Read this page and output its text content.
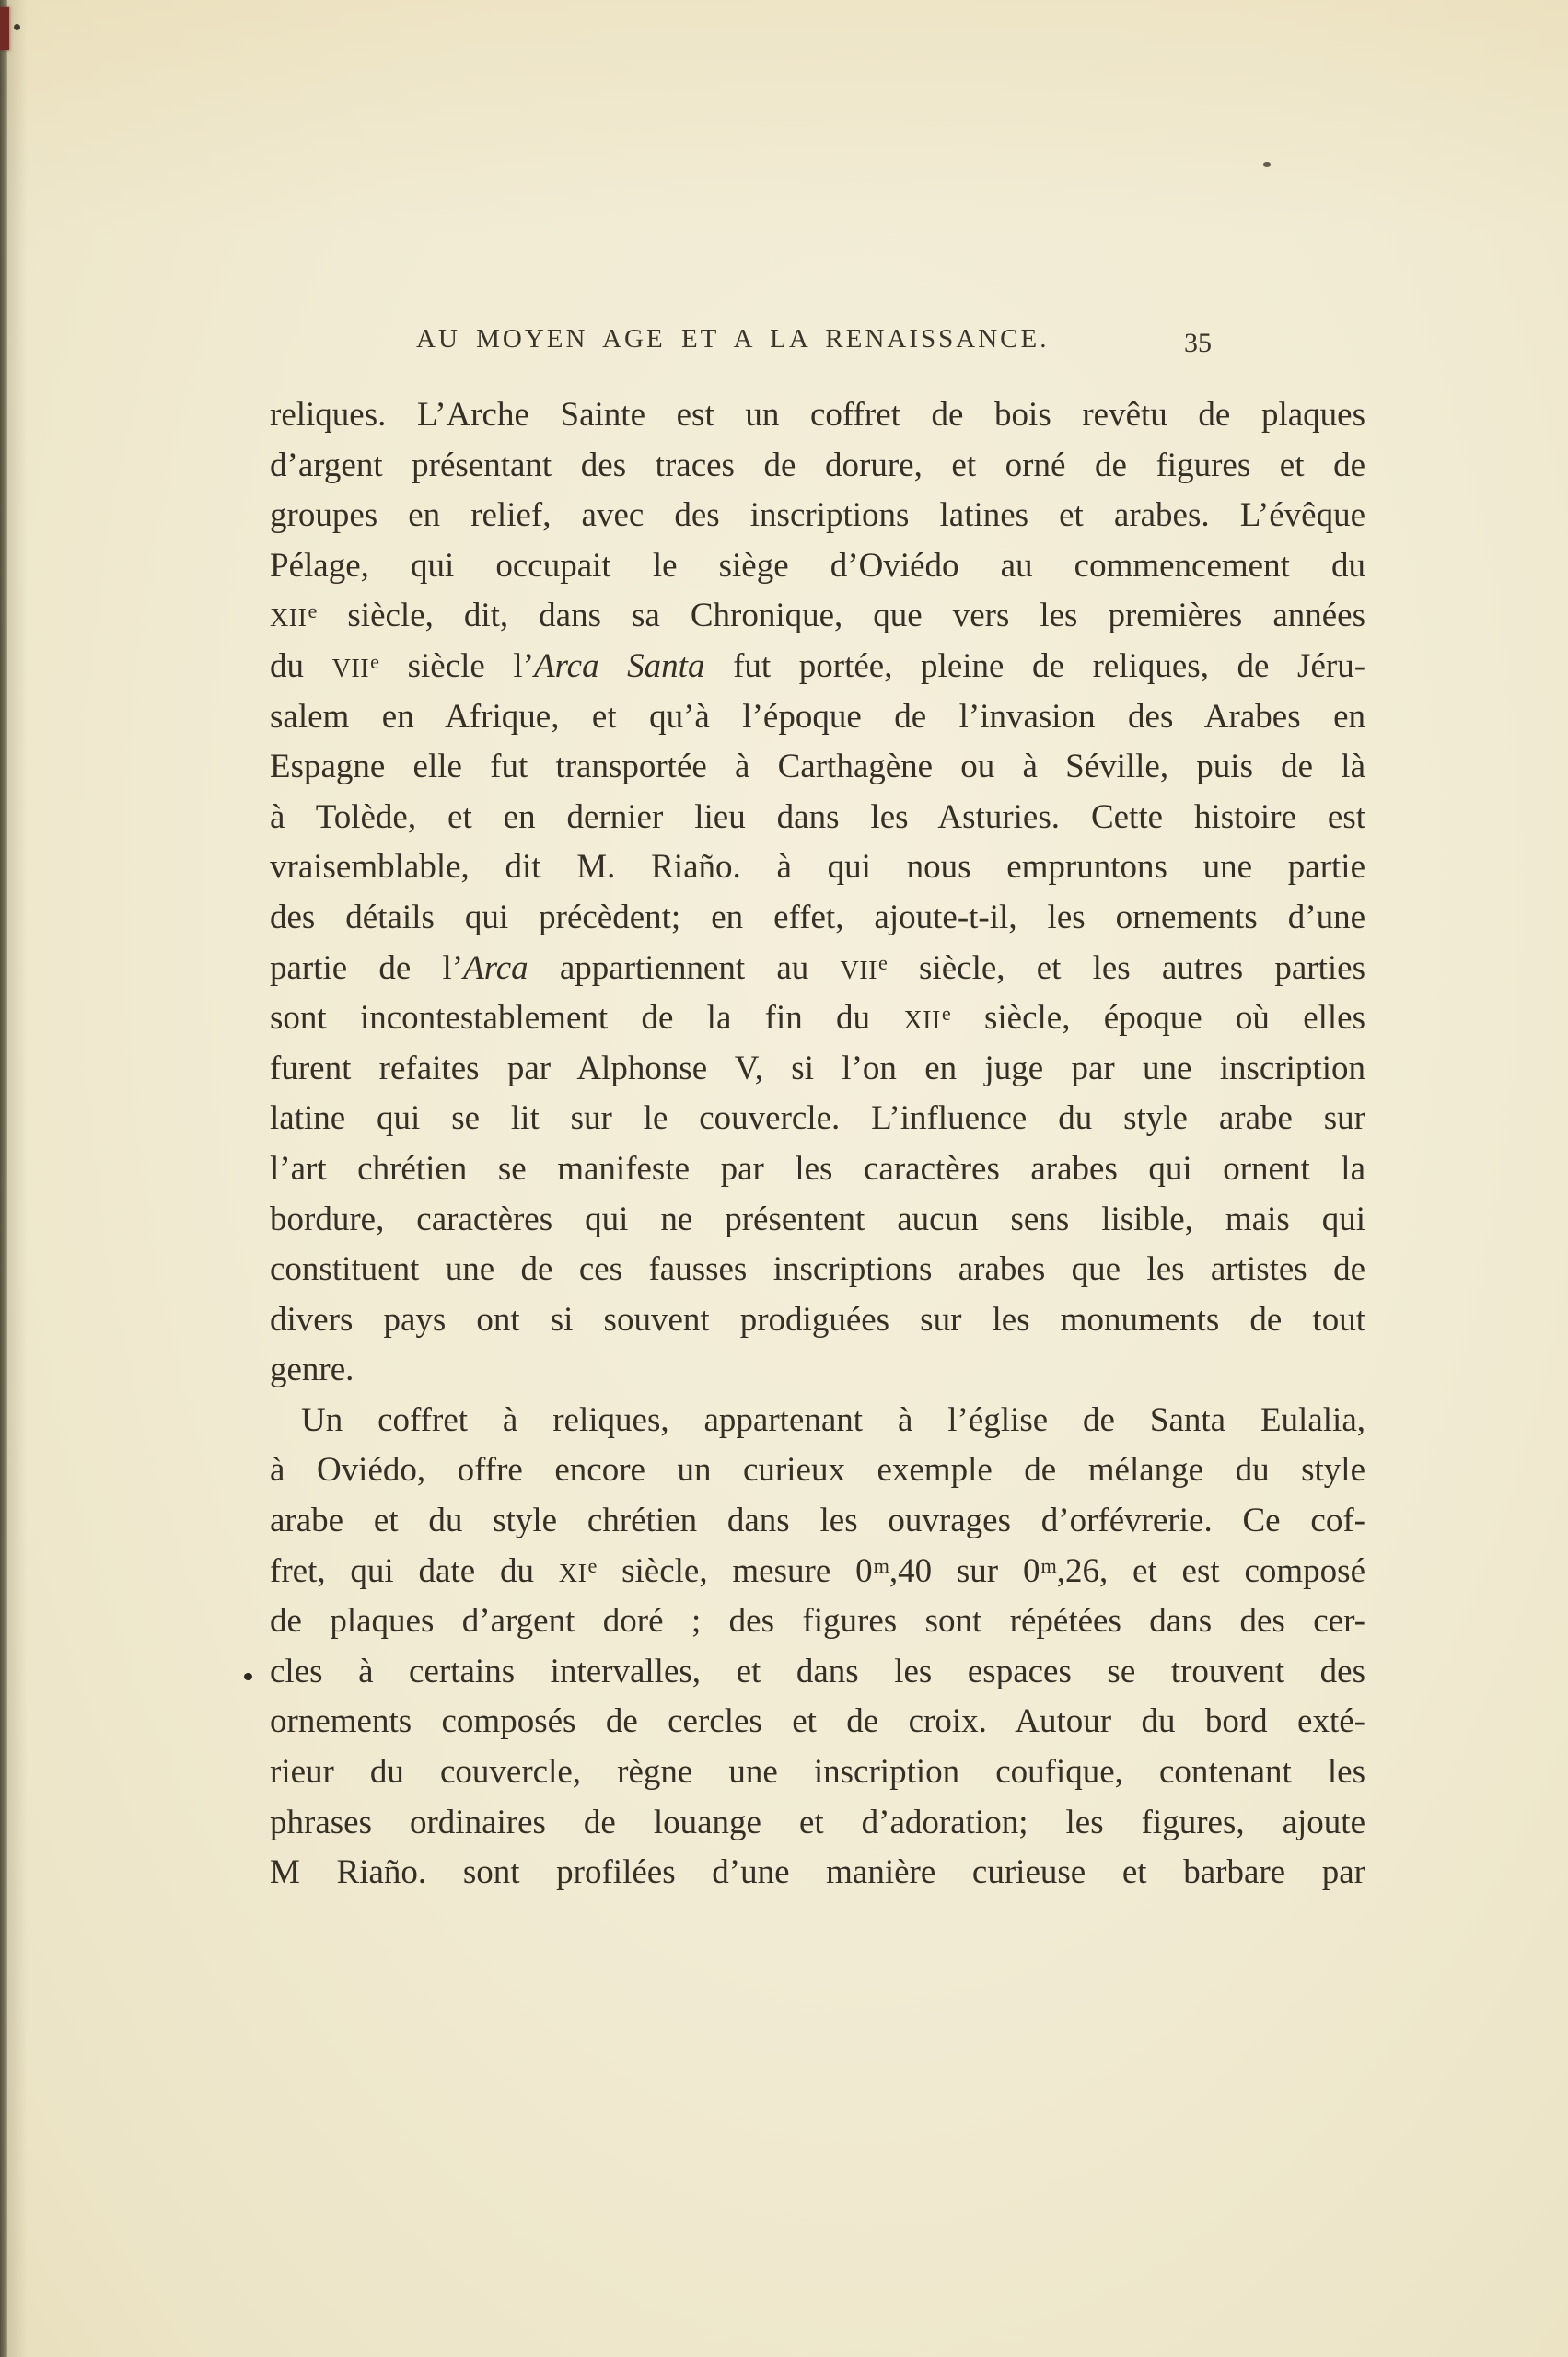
AU MOYEN AGE ET A LA RENAISSANCE.	35
reliques. L’Arche Sainte est un coffret de bois revêtu de plaques
d’argent présentant des traces de dorure, et orné de figures et de
groupes en relief, avec des inscriptions latines et arabes. L’évêque
Pélage, qui occupait le siège d’Oviédo au commencement du
XIIe siècle, dit, dans sa Chronique, que vers les premières années
du VIIe siècle l’Arca Santa fut portée, pleine de reliques, de Jéru-
salem en Afrique, et qu’à l’époque de l’invasion des Arabes en
Espagne elle fut transportée à Carthagène ou à Séville, puis de là
à Tolède, et en dernier lieu dans les Asturies. Cette histoire est
vraisemblable, dit M. Riaño. à qui nous empruntons une partie
des détails qui précèdent; en effet, ajoute-t-il, les ornements d’une
partie de l’Arca appartiennent au VIIe siècle, et les autres parties
sont incontestablement de la fin du XIIe siècle, époque où elles
furent refaites par Alphonse V, si l’on en juge par une inscription
latine qui se lit sur le couvercle. L’influence du style arabe sur
l’art chrétien se manifeste par les caractères arabes qui ornent la
bordure, caractères qui ne présentent aucun sens lisible, mais qui
constituent une de ces fausses inscriptions arabes que les artistes de
divers pays ont si souvent prodiguées sur les monuments de tout
genre.
Un coffret à reliques, appartenant à l’église de Santa Eulalia,
à Oviédo, offre encore un curieux exemple de mélange du style
arabe et du style chrétien dans les ouvrages d’orfévrerie. Ce cof-
fret, qui date du XIe siècle, mesure 0$^m$,40 sur 0$^m$,26, et est composé
de plaques d’argent doré ; des figures sont répétées dans des cer-
cles à certains intervalles, et dans les espaces se trouvent des
ornements composés de cercles et de croix. Autour du bord exté-
rieur du couvercle, règne une inscription coufique, contenant les
phrases ordinaires de louange et d’adoration; les figures, ajoute
M Riaño. sont profilées d’une manière curieuse et barbare par
